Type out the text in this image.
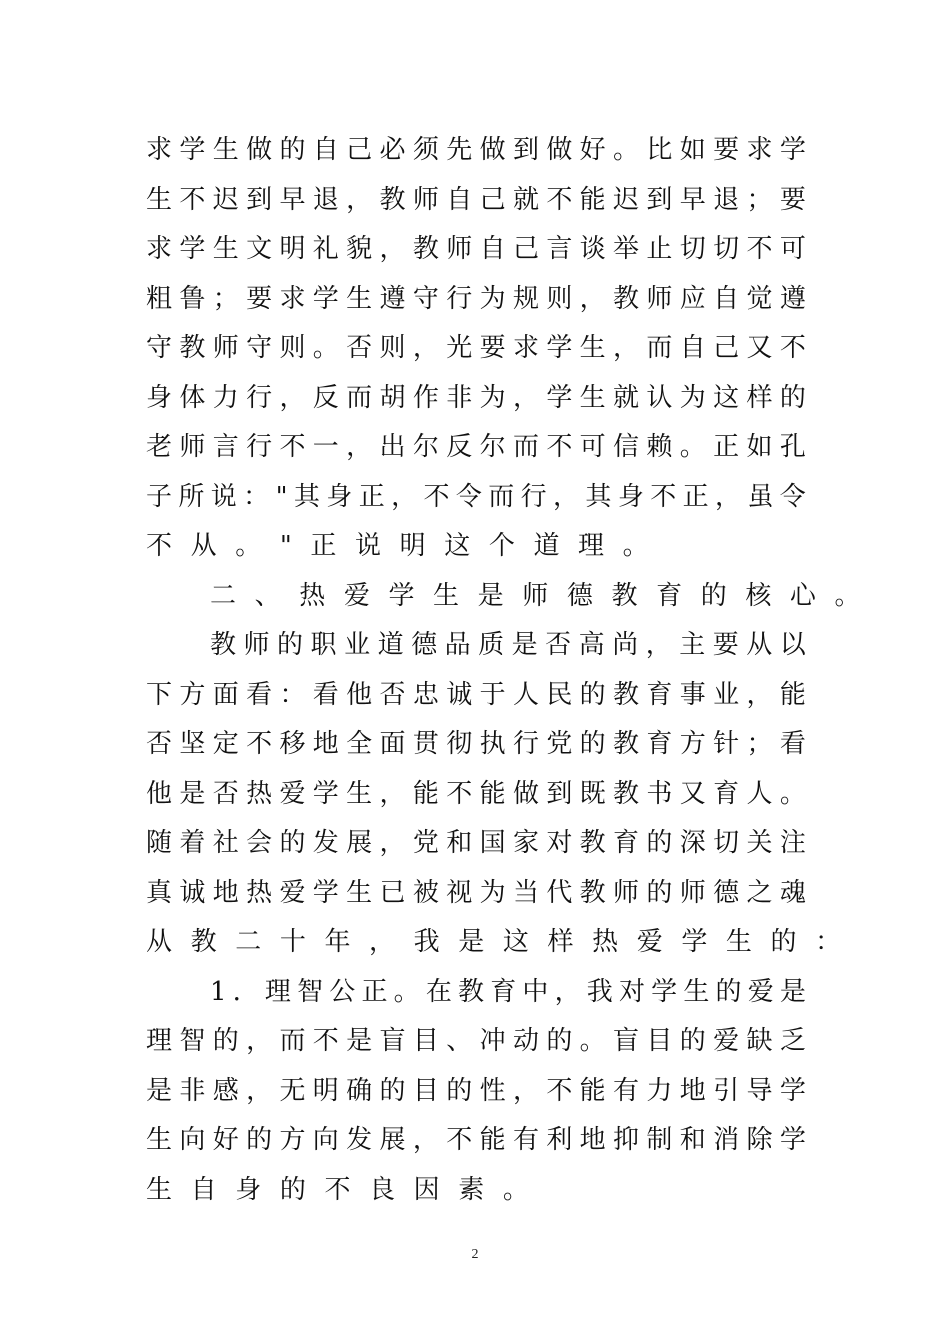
求 学 生 做 的 自 己 必 须 先 做 到 做 好 。 比 如 要 求 学
生 不 迟 到 早 退 ， 教 师 自 己 就 不 能 迟 到 早 退 ； 要
求 学 生 文 明 礼 貌 ， 教 师 自 己 言 谈 举 止 切 切 不 可
粗 鲁 ； 要 求 学 生 遵 守 行 为 规 则 ， 教 师 应 自 觉 遵
守 教 师 守 则 。 否 则 ， 光 要 求 学 生 ， 而 自 己 又 不
身 体 力 行 ， 反 而 胡 作 非 为 ， 学 生 就 认 为 这 样 的
老 师 言 行 不 一 ， 出 尔 反 尔 而 不 可 信 赖 。 正 如 孔
子 所 说 ： " 其 身 正 ， 不 令 而 行 ， 其 身 不 正 ， 虽 令
不 从 。 " 正 说 明 这 个 道 理 。
二 、 热 爱 学 生 是 师 德 教 育 的 核 心 。
教 师 的 职 业 道 德 品 质 是 否 高 尚 ， 主 要 从 以
下 方 面 看 ： 看 他 否 忠 诚 于 人 民 的 教 育 事 业 ， 能
否 坚 定 不 移 地 全 面 贯 彻 执 行 党 的 教 育 方 针 ； 看
他 是 否 热 爱 学 生 ， 能 不 能 做 到 既 教 书 又 育 人 。
随 着 社 会 的 发 展 ， 党 和 国 家 对 教 育 的 深 切 关 注
真 诚 地 热 爱 学 生 已 被 视 为 当 代 教 师 的 师 德 之 魂
从 教 二 十 年 ， 我 是 这 样 热 爱 学 生 的 ：
1 ． 理 智 公 正 。 在 教 育 中 ， 我 对 学 生 的 爱 是
理 智 的 ， 而 不 是 盲 目 、 冲 动 的 。 盲 目 的 爱 缺 乏
是 非 感 ， 无 明 确 的 目 的 性 ， 不 能 有 力 地 引 导 学
生 向 好 的 方 向 发 展 ， 不 能 有 利 地 抑 制 和 消 除 学
生 自 身 的 不 良 因 素 。
2
